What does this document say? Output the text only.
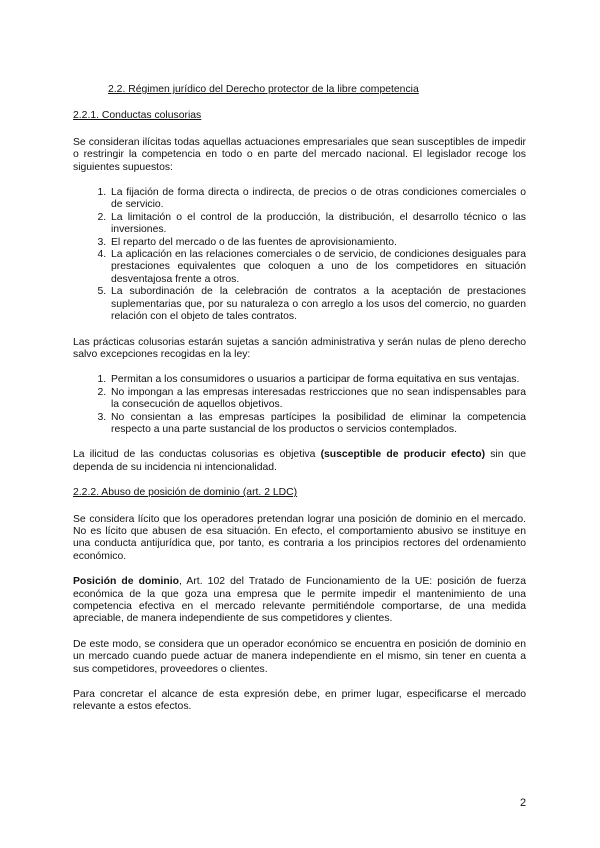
2.2. Régimen jurídico del Derecho protector de la libre competencia
2.2.1. Conductas colusorias

Se consideran ilícitas todas aquellas actuaciones empresariales que sean susceptibles de impedir o restringir la competencia en todo o en parte del mercado nacional. El legislador recoge los siguientes supuestos:

1. La fijación de forma directa o indirecta, de precios o de otras condiciones comerciales o de servicio.
2. La limitación o el control de la producción, la distribución, el desarrollo técnico o las inversiones.
3. El reparto del mercado o de las fuentes de aprovisionamiento.
4. La aplicación en las relaciones comerciales o de servicio, de condiciones desiguales para prestaciones equivalentes que coloquen a uno de los competidores en situación desventajosa frente a otros.
5. La subordinación de la celebración de contratos a la aceptación de prestaciones suplementarias que, por su naturaleza o con arreglo a los usos del comercio, no guarden relación con el objeto de tales contratos.

Las prácticas colusorias estarán sujetas a sanción administrativa y serán nulas de pleno derecho salvo excepciones recogidas en la ley:

1. Permitan a los consumidores o usuarios a participar de forma equitativa en sus ventajas.
2. No impongan a las empresas interesadas restricciones que no sean indispensables para la consecución de aquellos objetivos.
3. No consientan a las empresas partícipes la posibilidad de eliminar la competencia respecto a una parte sustancial de los productos o servicios contemplados.

La ilicitud de las conductas colusorias es objetiva (susceptible de producir efecto) sin que dependa de su incidencia ni intencionalidad.

2.2.2. Abuso de posición de dominio (art. 2 LDC)

Se considera lícito que los operadores pretendan lograr una posición de dominio en el mercado. No es lícito que abusen de esa situación. En efecto, el comportamiento abusivo se instituye en una conducta antijurídica que, por tanto, es contraria a los principios rectores del ordenamiento económico.

Posición de dominio, Art. 102 del Tratado de Funcionamiento de la UE: posición de fuerza económica de la que goza una empresa que le permite impedir el mantenimiento de una competencia efectiva en el mercado relevante permitiéndole comportarse, de una medida apreciable, de manera independiente de sus competidores y clientes.

De este modo, se considera que un operador económico se encuentra en posición de dominio en un mercado cuando puede actuar de manera independiente en el mismo, sin tener en cuenta a sus competidores, proveedores o clientes.

Para concretar el alcance de esta expresión debe, en primer lugar, especificarse el mercado relevante a estos efectos.

2
